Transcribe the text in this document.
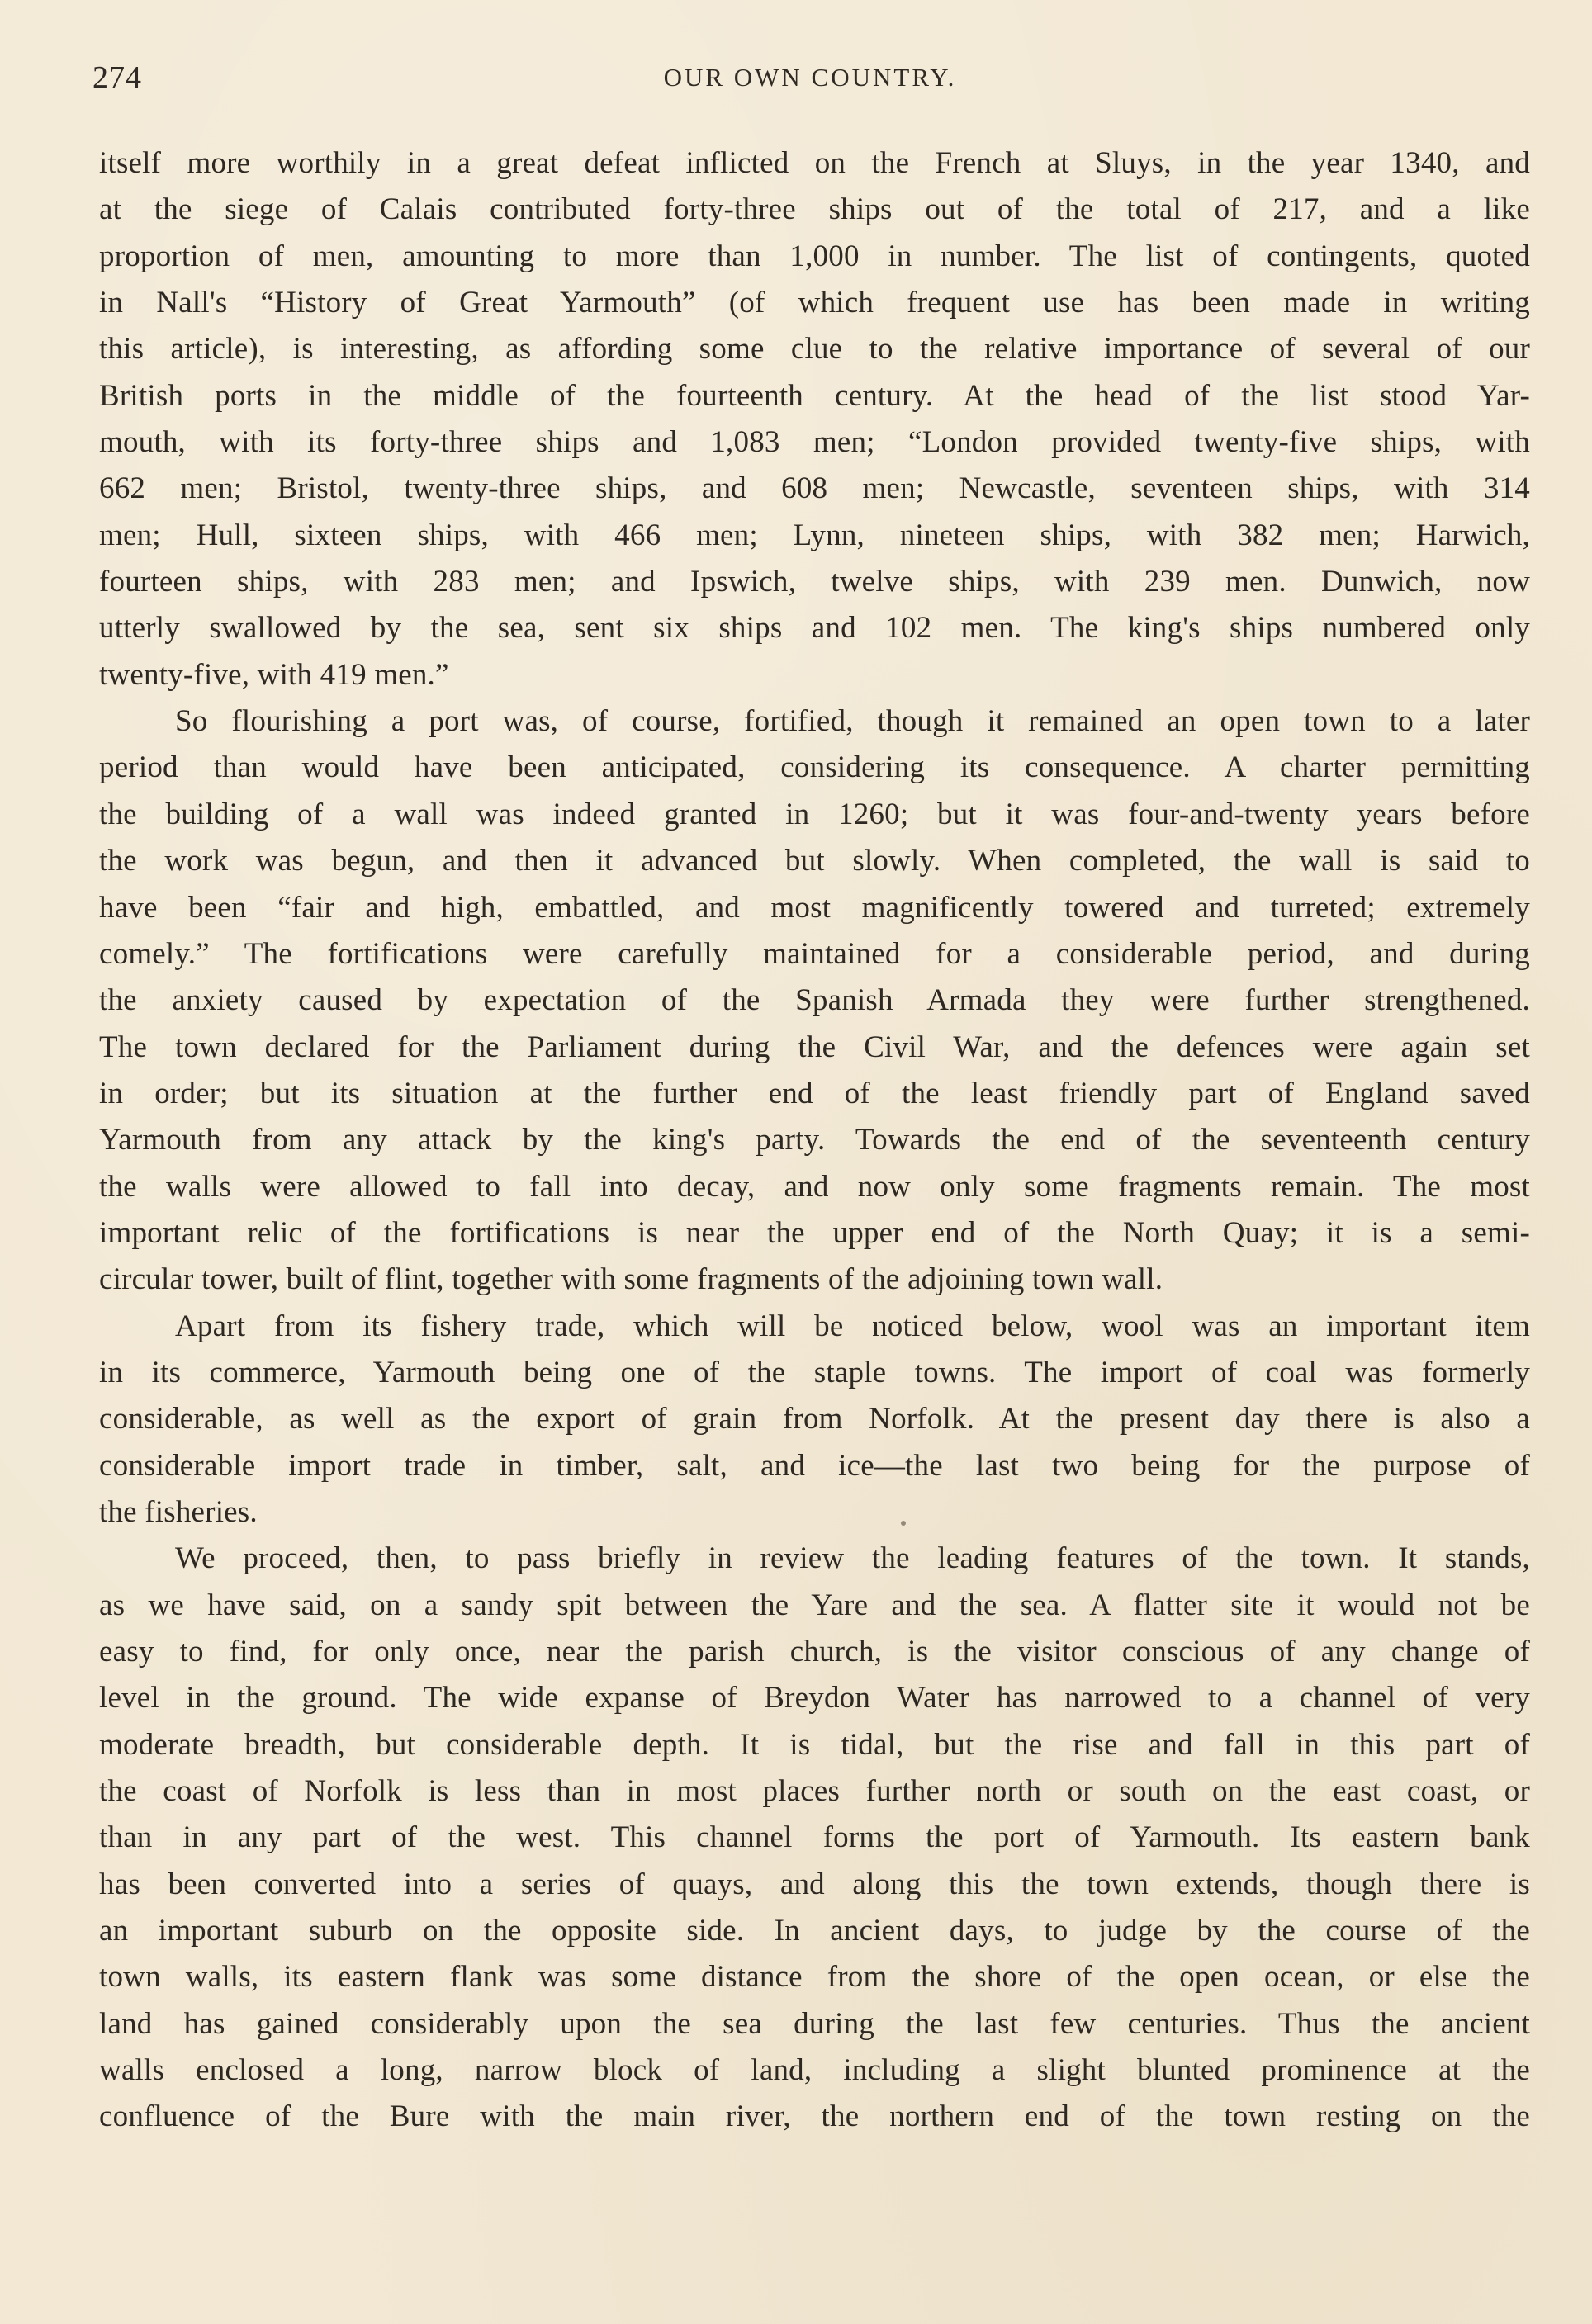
274	OUR OWN COUNTRY.
itself more worthily in a great defeat inflicted on the French at Sluys, in the year 1340, and
at the siege of Calais contributed forty-three ships out of the total of 217, and a like
proportion of men, amounting to more than 1,000 in number. The list of contingents, quoted
in Nall's “History of Great Yarmouth” (of which frequent use has been made in writing
this article), is interesting, as affording some clue to the relative importance of several of our
British ports in the middle of the fourteenth century. At the head of the list stood Yar-
mouth, with its forty-three ships and 1,083 men; “London provided twenty-five ships, with
662 men; Bristol, twenty-three ships, and 608 men; Newcastle, seventeen ships, with 314
men; Hull, sixteen ships, with 466 men; Lynn, nineteen ships, with 382 men; Harwich,
fourteen ships, with 283 men; and Ipswich, twelve ships, with 239 men. Dunwich, now
utterly swallowed by the sea, sent six ships and 102 men. The king's ships numbered only
twenty-five, with 419 men.”
So flourishing a port was, of course, fortified, though it remained an open town to a later
period than would have been anticipated, considering its consequence. A charter permitting
the building of a wall was indeed granted in 1260; but it was four-and-twenty years before
the work was begun, and then it advanced but slowly. When completed, the wall is said to
have been “fair and high, embattled, and most magnificently towered and turreted; extremely
comely.” The fortifications were carefully maintained for a considerable period, and during
the anxiety caused by expectation of the Spanish Armada they were further strengthened.
The town declared for the Parliament during the Civil War, and the defences were again set
in order; but its situation at the further end of the least friendly part of England saved
Yarmouth from any attack by the king's party. Towards the end of the seventeenth century
the walls were allowed to fall into decay, and now only some fragments remain. The most
important relic of the fortifications is near the upper end of the North Quay; it is a semi-
circular tower, built of flint, together with some fragments of the adjoining town wall.
Apart from its fishery trade, which will be noticed below, wool was an important item
in its commerce, Yarmouth being one of the staple towns. The import of coal was formerly
considerable, as well as the export of grain from Norfolk. At the present day there is also a
considerable import trade in timber, salt, and ice—the last two being for the purpose of
the fisheries.
We proceed, then, to pass briefly in review the leading features of the town. It stands,
as we have said, on a sandy spit between the Yare and the sea. A flatter site it would not be
easy to find, for only once, near the parish church, is the visitor conscious of any change of
level in the ground. The wide expanse of Breydon Water has narrowed to a channel of very
moderate breadth, but considerable depth. It is tidal, but the rise and fall in this part of
the coast of Norfolk is less than in most places further north or south on the east coast, or
than in any part of the west. This channel forms the port of Yarmouth. Its eastern bank
has been converted into a series of quays, and along this the town extends, though there is
an important suburb on the opposite side. In ancient days, to judge by the course of the
town walls, its eastern flank was some distance from the shore of the open ocean, or else the
land has gained considerably upon the sea during the last few centuries. Thus the ancient
walls enclosed a long, narrow block of land, including a slight blunted prominence at the
confluence of the Bure with the main river, the northern end of the town resting on the
